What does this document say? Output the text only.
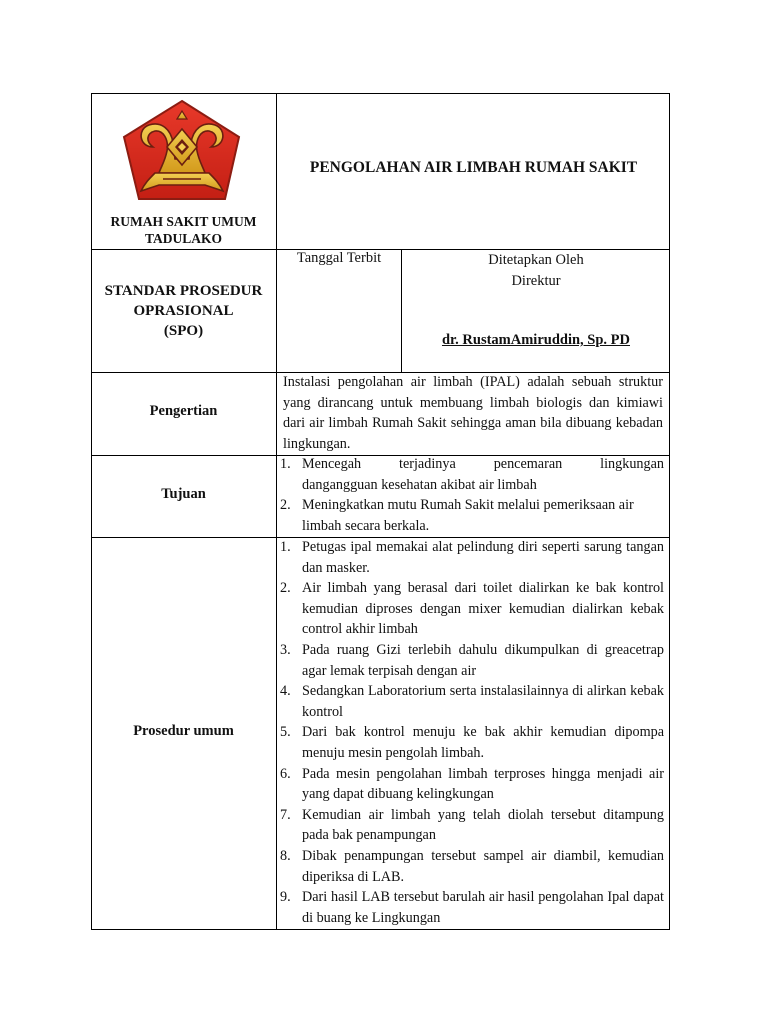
RUMAH SAKIT UMUM
TADULAKO
PENGOLAHAN AIR LIMBAH RUMAH SAKIT
STANDAR PROSEDUR
OPRASIONAL
(SPO)
Tanggal Terbit	Ditetapkan Oleh
Direktur
dr. RustamAmiruddin, Sp. PD
Pengertian
Instalasi pengolahan air limbah (IPAL) adalah sebuah struktur yang dirancang untuk membuang limbah biologis dan kimiawi dari air limbah Rumah Sakit sehingga aman bila dibuang kebadan lingkungan.
Tujuan
1. Mencegah terjadinya pencemaran lingkungan
dangangguan kesehatan akibat air limbah
2. Meningkatkan mutu Rumah Sakit melalui pemeriksaan air
limbah secara berkala.
Prosedur umum
1. Petugas ipal memakai alat pelindung diri seperti sarung tangan dan masker.
2. Air limbah yang berasal dari toilet dialirkan ke bak kontrol kemudian diproses dengan mixer kemudian dialirkan kebak control akhir limbah
3. Pada ruang Gizi terlebih dahulu dikumpulkan di greacetrap agar lemak terpisah dengan air
4. Sedangkan Laboratorium serta instalasilainnya di alirkan kebak kontrol
5. Dari bak kontrol menuju ke bak akhir kemudian dipompa menuju mesin pengolah limbah.
6. Pada mesin pengolahan limbah terproses hingga menjadi air yang dapat dibuang kelingkungan
7. Kemudian air limbah yang telah diolah tersebut ditampung pada bak penampungan
8. Dibak penampungan tersebut sampel air diambil, kemudian diperiksa di LAB.
9. Dari hasil LAB tersebut barulah air hasil pengolahan Ipal dapat di buang ke Lingkungan
